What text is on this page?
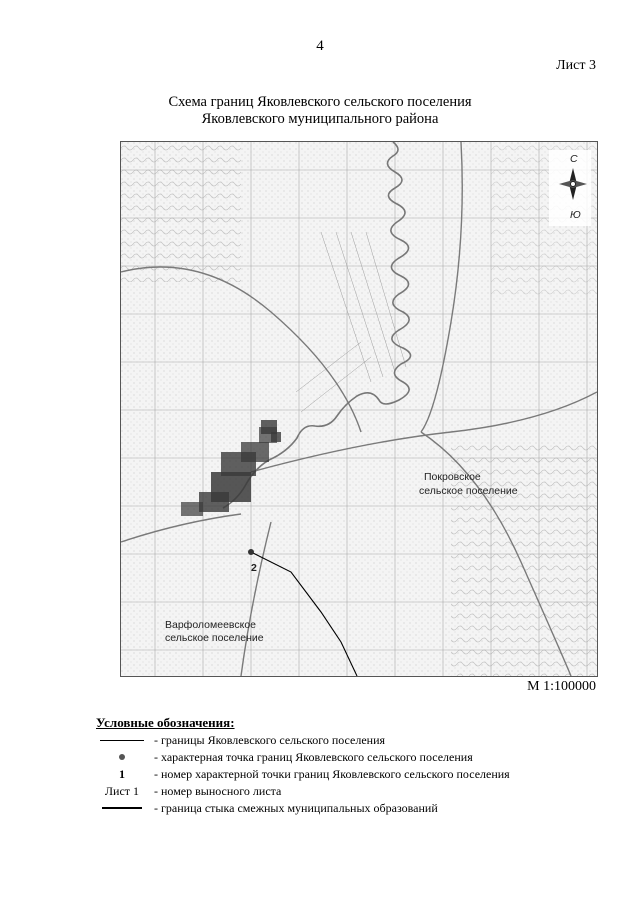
4
Лист 3
Схема границ Яковлевского сельского поселения
Яковлевского муниципального района
2
Покровское
сельское поселение
Варфоломеевское
сельское поселение
С
Ю
М 1:100000
Условные обозначения:
- границы Яковлевского сельского поселения
- характерная точка границ Яковлевского сельского поселения
1 - номер характерной точки границ Яковлевского сельского поселения
Лист 1 - номер выносного листа
- граница стыка смежных муниципальных образований
